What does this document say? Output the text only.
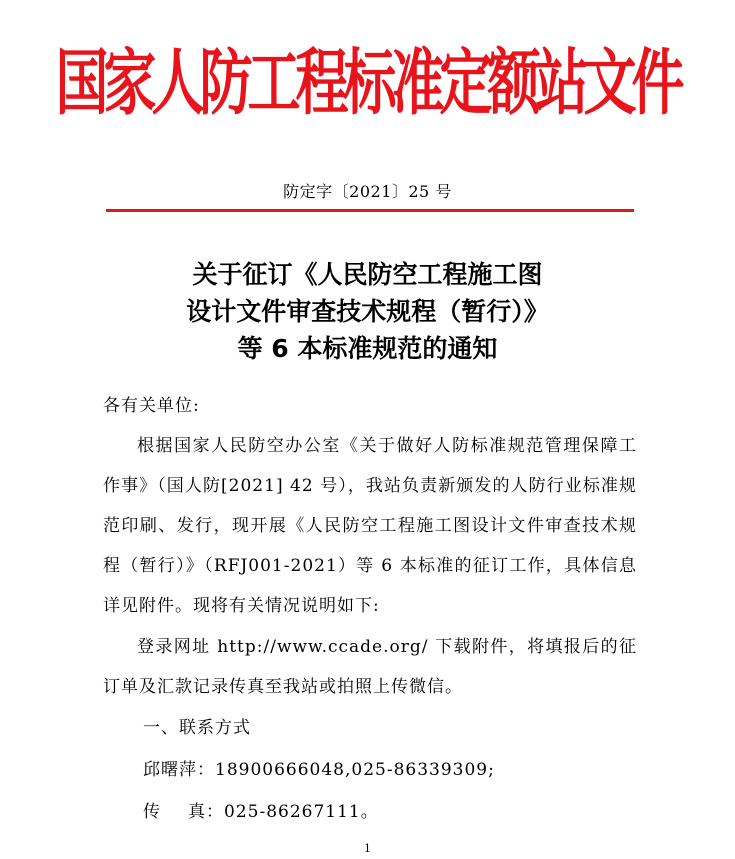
国家人防工程标准定额站文件
防定字〔2021〕25 号
关于征订《人民防空工程施工图
设计文件审查技术规程（暂行）》
等 6 本标准规范的通知
各有关单位:
根据国家人民防空办公室《关于做好人防标准规范管理保障工作事》（国人防[2021] 42 号），我站负责新颁发的人防行业标准规范印刷、发行，现开展《人民防空工程施工图设计文件审查技术规程（暂行）》（RFJ001-2021）等 6 本标准的征订工作，具体信息详见附件。现将有关情况说明如下:
登录网址 http://www.ccade.org/ 下载附件，将填报后的征订单及汇款记录传真至我站或拍照上传微信。
一、联系方式
邱曙萍：18900666048,025-86339309;
传真：025-86267111。
1
